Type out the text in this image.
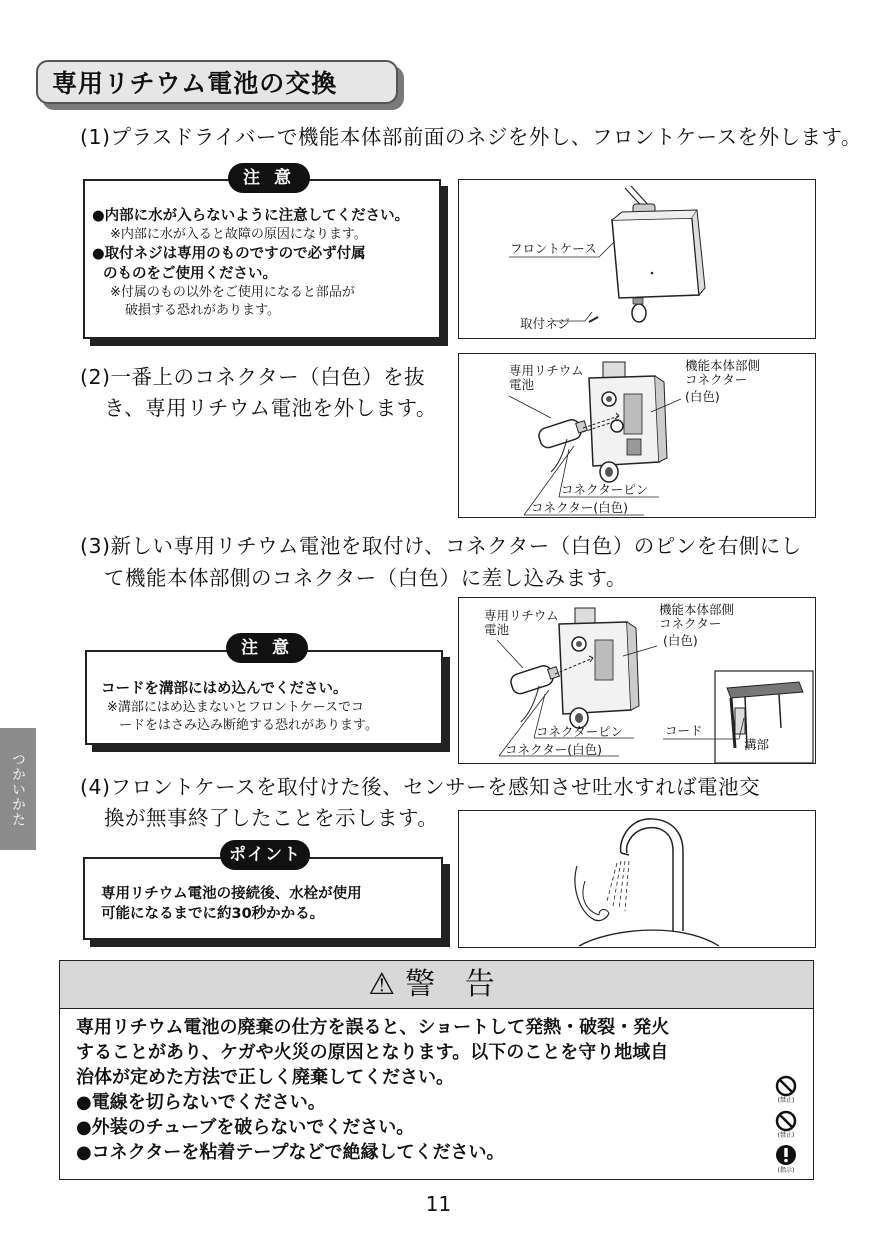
専用リチウム電池の交換
(1)プラスドライバーで機能本体部前面のネジを外し、フロントケースを外します。
●内部に水が入らないように注意してください。
※内部に水が入ると故障の原因になります。
●取付ネジは専用のものですので必ず付属
のものをご使用ください。
※付属のもの以外をご使用になると部品が
破損する恐れがあります。
注 意
フロントケース
取付ネジ
(2)一番上のコネクター（白色）を抜
き、専用リチウム電池を外します。
専用リチウム
電池
機能本体部側
コネクター
(白色)
コネクターピン
コネクター(白色)
(3)新しい専用リチウム電池を取付け、コネクター（白色）のピンを右側にし
て機能本体部側のコネクター（白色）に差し込みます。
コードを溝部にはめ込んでください。
※溝部にはめ込まないとフロントケースでコ
ードをはさみ込み断絶する恐れがあります。
注 意
専用リチウム
電池
機能本体部側
コネクター
(白色)
コネクターピン
コネクター(白色)
コード
溝部
つかいかた	(4)フロントケースを取付けた後、センサーを感知させ吐水すれば電池交
換が無事終了したことを示します。
専用リチウム電池の接続後、水栓が使用
可能になるまでに約30秒かかる。
ポイント
⚠ 警 告
専用リチウム電池の廃棄の仕方を誤ると、ショートして発熱・破裂・発火
することがあり、ケガや火災の原因となります。以下のことを守り地域自
治体が定めた方法で正しく廃棄してください。
●電線を切らないでください。
●外装のチューブを破らないでください。
●コネクターを粘着テープなどで絶縁してください。
(禁止)
(禁止)
(指示)
11
